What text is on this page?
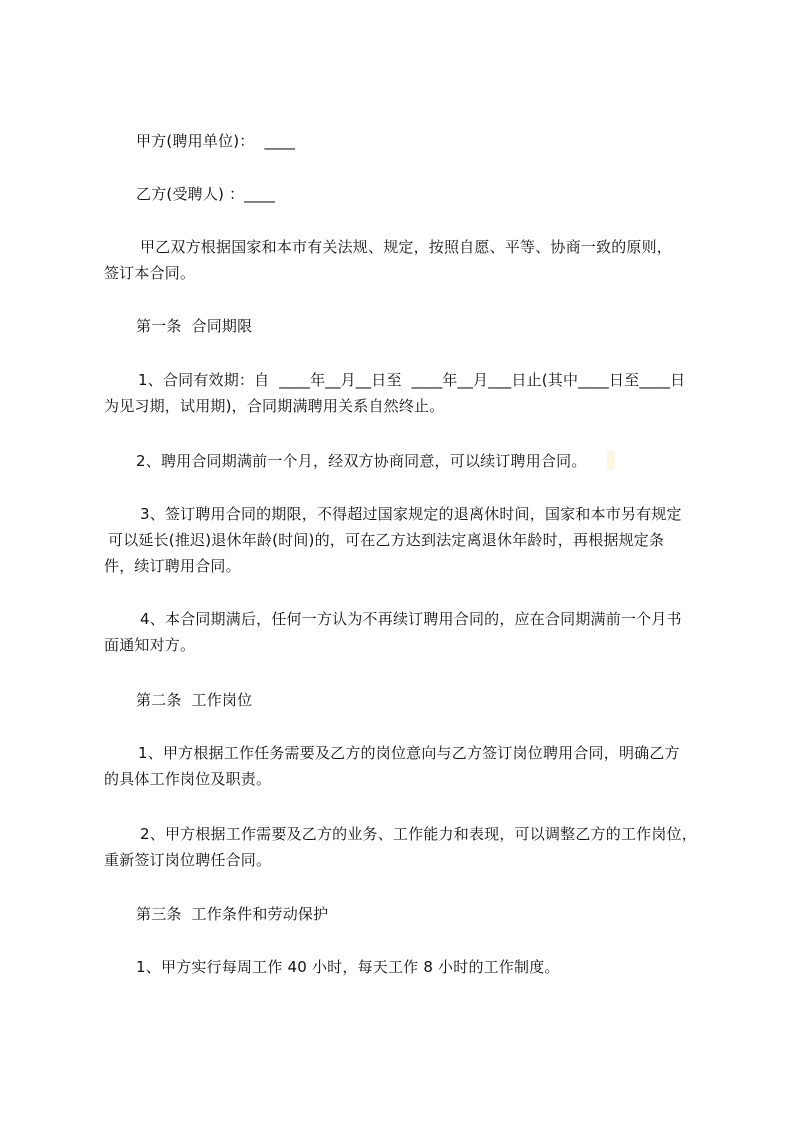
甲方(聘用单位)：  ____
乙方(受聘人) ：____
甲乙双方根据国家和本市有关法规、规定，按照自愿、平等、协商一致的原则，
签订本合同。
第一条  合同期限
1、合同有效期：自  ____年__月__日至  ____年__月___日止(其中____日至____日
为见习期，试用期)，合同期满聘用关系自然终止。
2、聘用合同期满前一个月，经双方协商同意，可以续订聘用合同。
3、签订聘用合同的期限，不得超过国家规定的退离休时间，国家和本市另有规定
可以延长(推迟)退休年龄(时间)的，可在乙方达到法定离退休年龄时，再根据规定条
件，续订聘用合同。
4、本合同期满后，任何一方认为不再续订聘用合同的，应在合同期满前一个月书
面通知对方。
第二条  工作岗位
1、甲方根据工作任务需要及乙方的岗位意向与乙方签订岗位聘用合同，明确乙方
的具体工作岗位及职责。
2、甲方根据工作需要及乙方的业务、工作能力和表现，可以调整乙方的工作岗位，
重新签订岗位聘任合同。
第三条  工作条件和劳动保护
1、甲方实行每周工作 40 小时，每天工作 8 小时的工作制度。
